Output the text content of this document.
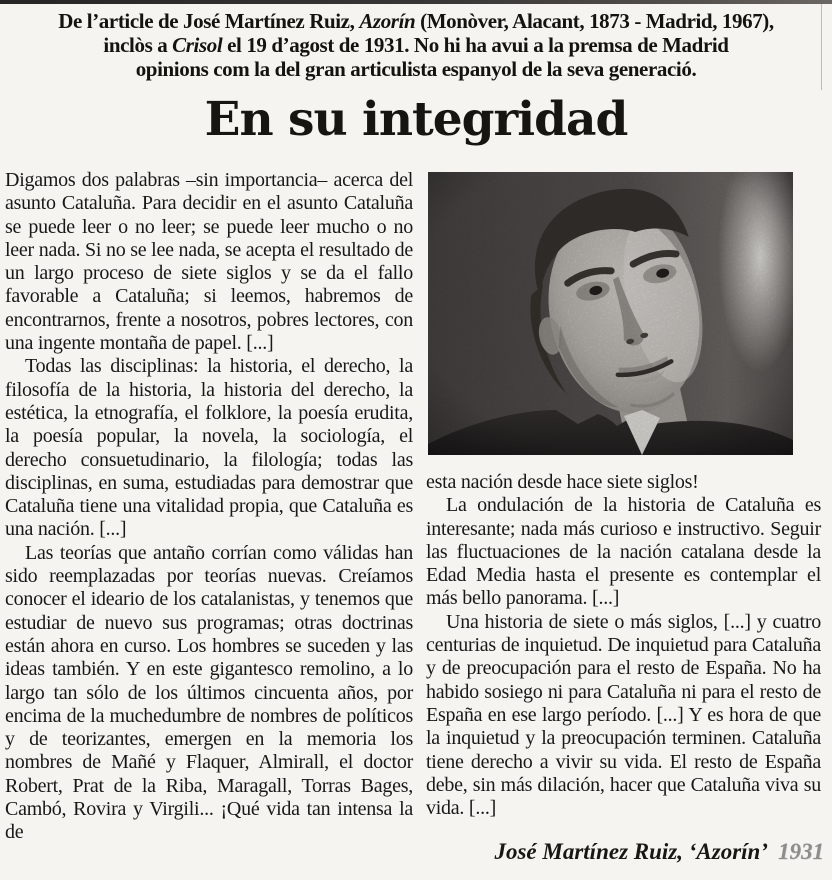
De l’article de José Martínez Ruiz, Azorín (Monòver, Alacant, 1873 - Madrid, 1967),
inclòs a Crisol el 19 d’agost de 1931. No hi ha avui a la premsa de Madrid
opinions com la del gran articulista espanyol de la seva generació.
En su integridad

Digamos dos palabras –sin importancia– acerca del asunto Cataluña. Para decidir en el asunto Cataluña se puede leer o no leer; se puede leer mucho o no leer nada. Si no se lee nada, se acepta el resultado de un largo proceso de siete siglos y se da el fallo favorable a Cataluña; si leemos, habremos de encontrarnos, frente a nosotros, pobres lectores, con una ingente montaña de papel. [...]

Todas las disciplinas: la historia, el derecho, la filosofía de la historia, la historia del derecho, la estética, la etnografía, el folklore, la poesía erudita, la poesía popular, la novela, la sociología, el derecho consuetudinario, la filología; todas las disciplinas, en suma, estudiadas para demostrar que Cataluña tiene una vitalidad propia, que Cataluña es una nación. [...]

Las teorías que antaño corrían como válidas han sido reemplazadas por teorías nuevas. Creíamos conocer el ideario de los catalanistas, y tenemos que estudiar de nuevo sus programas; otras doctrinas están ahora en curso. Los hombres se suceden y las ideas también. Y en este gigantesco remolino, a lo largo tan sólo de los últimos cincuenta años, por encima de la muchedumbre de nombres de políticos y de teorizantes, emergen en la memoria los nombres de Mañé y Flaquer, Almirall, el doctor Robert, Prat de la Riba, Maragall, Torras Bages, Cambó, Rovira y Virgili... ¡Qué vida tan intensa la de

esta nación desde hace siete siglos!

La ondulación de la historia de Cataluña es interesante; nada más curioso e instructivo. Seguir las fluctuaciones de la nación catalana desde la Edad Media hasta el presente es contemplar el más bello panorama. [...]

Una historia de siete o más siglos, [...] y cuatro centurias de inquietud. De inquietud para Cataluña y de preocupación para el resto de España. No ha habido sosiego ni para Cataluña ni para el resto de España en ese largo período. [...] Y es hora de que la inquietud y la preocupación terminen. Cataluña tiene derecho a vivir su vida. El resto de España debe, sin más dilación, hacer que Cataluña viva su vida. [...]

José Martínez Ruiz, ‘Azorín’ 1931
